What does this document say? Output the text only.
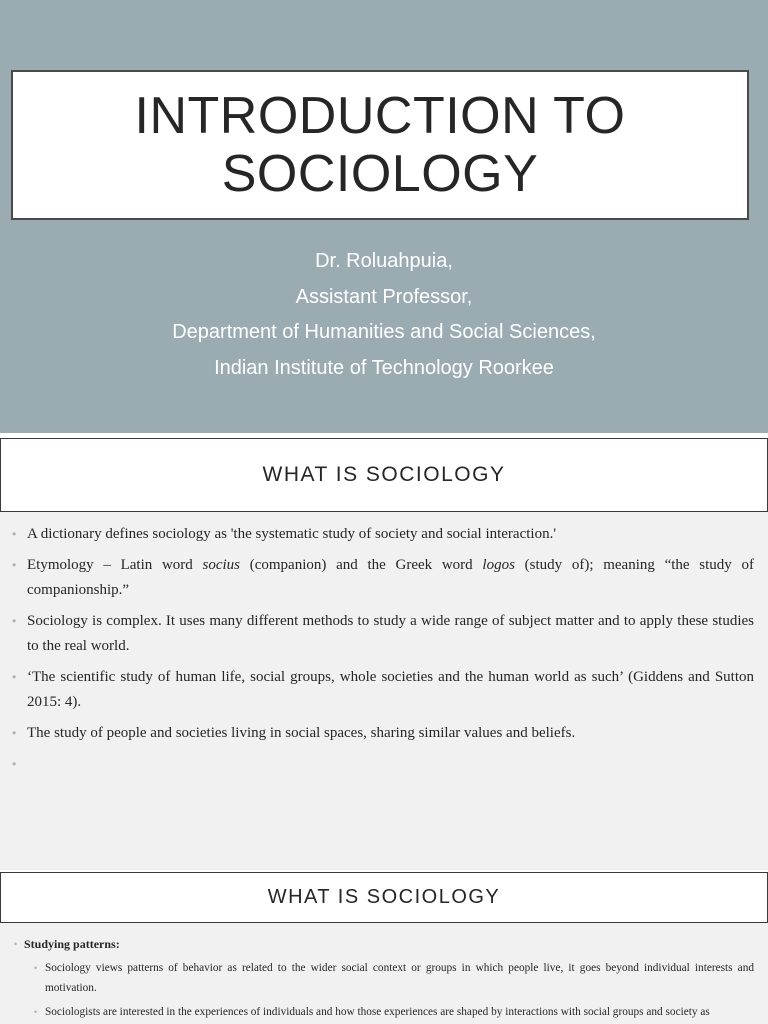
INTRODUCTION TO
SOCIOLOGY
Dr. Roluahpuia,
Assistant Professor,
Department of Humanities and Social Sciences,
Indian Institute of Technology Roorkee
WHAT IS SOCIOLOGY
• A dictionary defines sociology as 'the systematic study of society and social interaction.'
• Etymology – Latin word socius (companion) and the Greek word logos (study of); meaning “the study of companionship.”
• Sociology is complex. It uses many different methods to study a wide range of subject matter and to apply these studies to the real world.
• ‘The scientific study of human life, social groups, whole societies and the human world as such’ (Giddens and Sutton 2015: 4).
• The study of people and societies living in social spaces, sharing similar values and beliefs.
•
WHAT IS SOCIOLOGY
• Studying patterns:
• Sociology views patterns of behavior as related to the wider social context or groups in which people live, it goes beyond individual interests and motivation.
• Sociologists are interested in the experiences of individuals and how those experiences are shaped by interactions with social groups and society as
